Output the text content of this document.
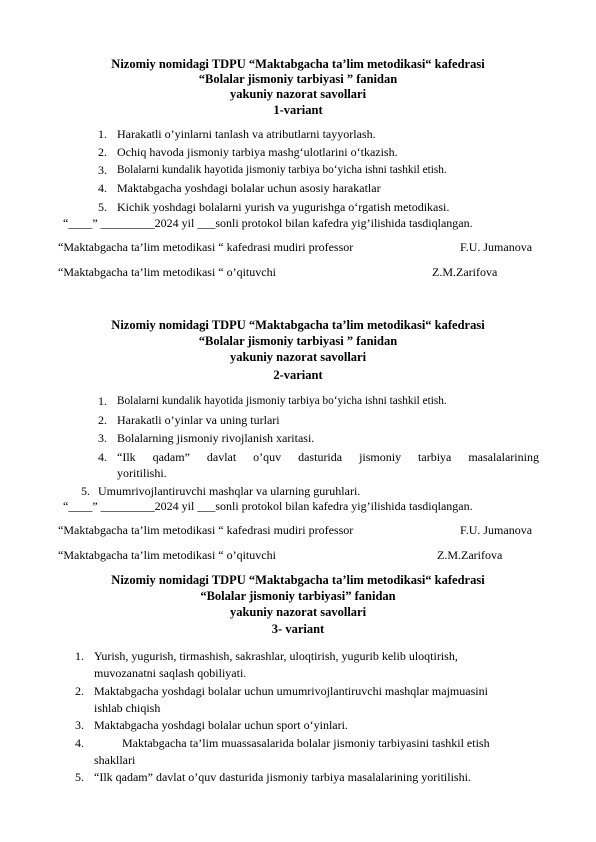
Nizomiy nomidagi TDPU “Maktabgacha ta’lim metodikasi“ kafedrasi
“Bolalar jismoniy tarbiyasi ” fanidan
yakuniy nazorat savollari
1-variant
1. Harakatli o’yinlarni tanlash va atributlarni tayyorlash.
2. Ochiq havoda jismoniy tarbiya mashg‘ulotlarini o‘tkazish.
3. Bolalarni kundalik hayotida jismoniy tarbiya bo‘yicha ishni tashkil etish.
4. Maktabgacha yoshdagi bolalar uchun asosiy harakatlar
5. Kichik yoshdagi bolalarni yurish va yugurishga o‘rgatish metodikasi.
“____” _________2024 yil ___sonli protokol bilan kafedra yig’ilishida tasdiqlangan.
“Maktabgacha ta’lim metodikasi “ kafedrasi mudiri professor	F.U. Jumanova
“Maktabgacha ta’lim metodikasi “ o’qituvchi	Z.M.Zarifova
Nizomiy nomidagi TDPU “Maktabgacha ta’lim metodikasi“ kafedrasi
“Bolalar jismoniy tarbiyasi ” fanidan
yakuniy nazorat savollari
2-variant
1. Bolalarni kundalik hayotida jismoniy tarbiya bo‘yicha ishni tashkil etish.
2. Harakatli o’yinlar va uning turlari
3. Bolalarning jismoniy rivojlanish xaritasi.
4. “Ilk qadam” davlat o’quv dasturida jismoniy tarbiya masalalarining
yoritilishi.
5. Umumrivojlantiruvchi mashqlar va ularning guruhlari.
“____” _________2024 yil ___sonli protokol bilan kafedra yig’ilishida tasdiqlangan.
“Maktabgacha ta’lim metodikasi “ kafedrasi mudiri professor	F.U. Jumanova
“Maktabgacha ta’lim metodikasi “ o’qituvchi	Z.M.Zarifova
Nizomiy nomidagi TDPU “Maktabgacha ta’lim metodikasi“ kafedrasi
“Bolalar jismoniy tarbiyasi” fanidan
yakuniy nazorat savollari
3- variant
1. Yurish, yugurish, tirmashish, sakrashlar, uloqtirish, yugurib kelib uloqtirish,
muvozanatni saqlash qobiliyati.
2. Maktabgacha yoshdagi bolalar uchun umumrivojlantiruvchi mashqlar majmuasini
ishlab chiqish
3. Maktabgacha yoshdagi bolalar uchun sport o‘yinlari.
4.	Maktabgacha ta’lim muassasalarida bolalar jismoniy tarbiyasini tashkil etish
shakllari
5. “Ilk qadam” davlat o’quv dasturida jismoniy tarbiya masalalarining yoritilishi.
